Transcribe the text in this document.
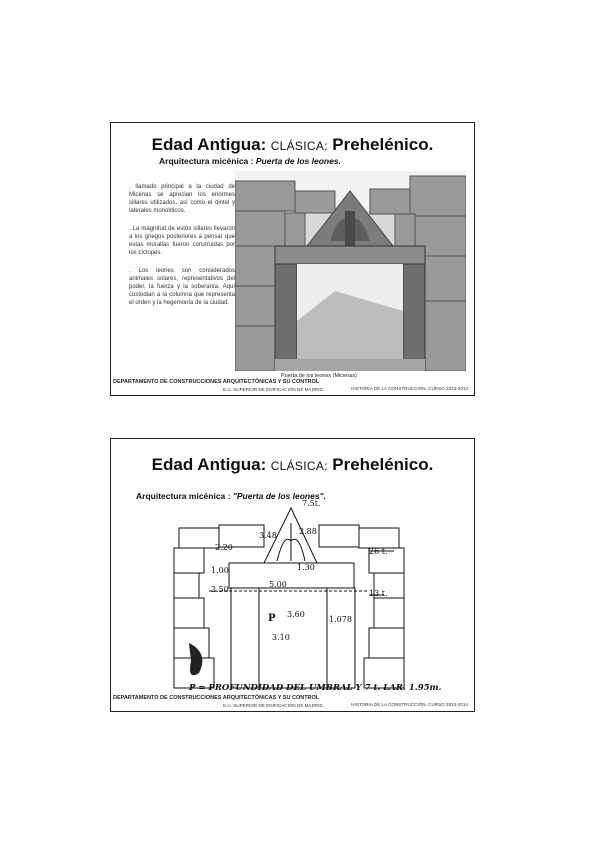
Edad Antigua: CLÁSICA: Prehelénico.
Arquitectura micénica : Puerta de los leones.

. llamado principal a la ciudad de Micenas se aprecian los enormes sillares utilizados, así como el dintel y laterales monolíticos.

. La magnitud de estos sillares llevaron a los griegos posteriores a pensar que estas murallas fueron construidas por los cíclopes.

. Los leones son considerados animales solares, representativos del poder, la fuerza y la soberanía. Aquí custodian a la columna que representa el orden y la hegemonía de la ciudad.

Puerta de los leones (Micenas)
DEPARTAMENTO DE CONSTRUCCIONES ARQUITECTÓNICAS Y SU CONTROL
E.U. SUPERIOR DE EDIFICACIÓN DE MADRID	HISTORIA DE LA CONSTRUCCIÓN. CURSO 2013-2014
Edad Antigua: CLÁSICA: Prehelénico.
Arquitectura micénica : "Puerta de los leones".
7.5t.
2.20
3.48	2.88
26 t.
1.00	1.30
5.00
2.50	13 t.
P 3.60
1.078
3.10
P = PROFUNDIDAD DEL UMBRAL Y 7 t. LAR. 1.95m.
DEPARTAMENTO DE CONSTRUCCIONES ARQUITECTÓNICAS Y SU CONTROL
E.U. SUPERIOR DE EDIFICACIÓN DE MADRID	HISTORIA DE LA CONSTRUCCIÓN. CURSO 2013-2014
